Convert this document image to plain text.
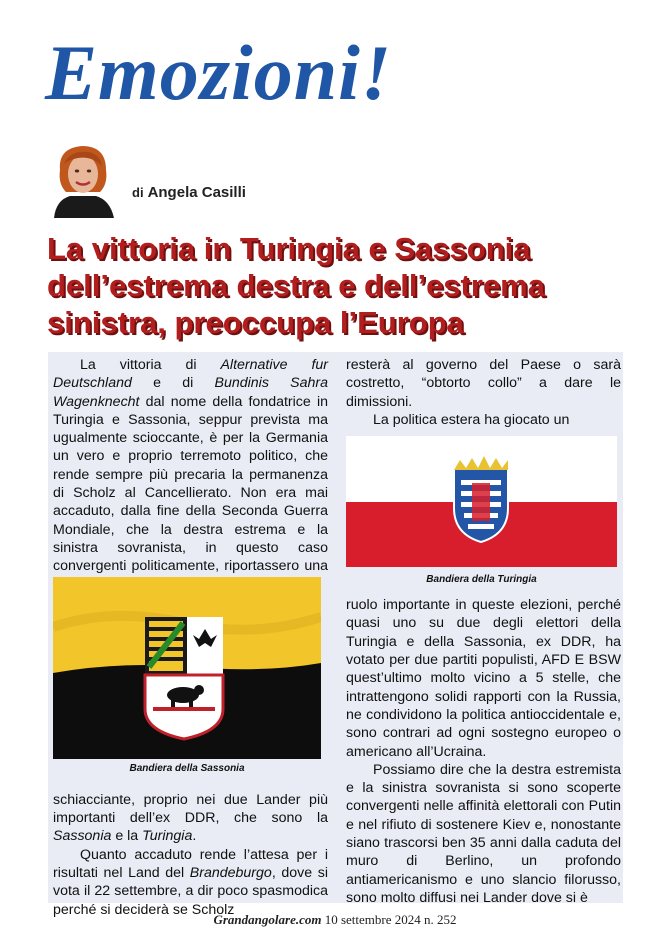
Emozioni!
di Angela Casilli
La vittoria in Turingia e Sassonia dell’estrema destra e dell’estrema sinistra, preoccupa l’Europa

La vittoria di Alternative fur Deutschland e di Bundinis Sahra Wagenknecht dal nome della fondatrice in Turingia e Sassonia, seppur prevista ma ugualmente scioccante, è per la Germania un vero e proprio terremoto politico, che rende sempre più precaria la permanenza di Scholz al Cancellierato. Non era mai accaduto, dalla fine della Seconda Guerra Mondiale, che la destra estrema e la sinistra sovranista, in questo caso convergenti politicamente, riportassero una

schiacciante, proprio nei due Lander più importanti dell’ex DDR, che sono la Sassonia e la Turingia.

Quanto accaduto rende l’attesa per i risultati nel Land del Brandeburgo, dove si vota il 22 settembre, a dir poco spasmodica perché si deciderà se Scholz

resterà al governo del Paese o sarà costretto, “obtorto collo” a dare le dimissioni.

La politica estera ha giocato un

ruolo importante in queste elezioni, perché quasi uno su due degli elettori della Turingia e della Sassonia, ex DDR, ha votato per due partiti populisti, AFD E BSW quest’ultimo molto vicino a 5 stelle, che intrattengono solidi rapporti con la Russia, ne condividono la politica antioccidentale e, sono contrari ad ogni sostegno europeo o americano all’Ucraina.

Possiamo dire che la destra estremista e la sinistra sovranista si sono scoperte convergenti nelle affinità elettorali con Putin e nel rifiuto di sostenere Kiev e, nonostante siano trascorsi ben 35 anni dalla caduta del muro di Berlino, un profondo antiamericanismo e uno slancio filorusso, sono molto diffusi nei Lander dove si è

Bandiera della Turingia
Bandiera della Sassonia
Grandangolare.com 10 settembre 2024 n. 252
